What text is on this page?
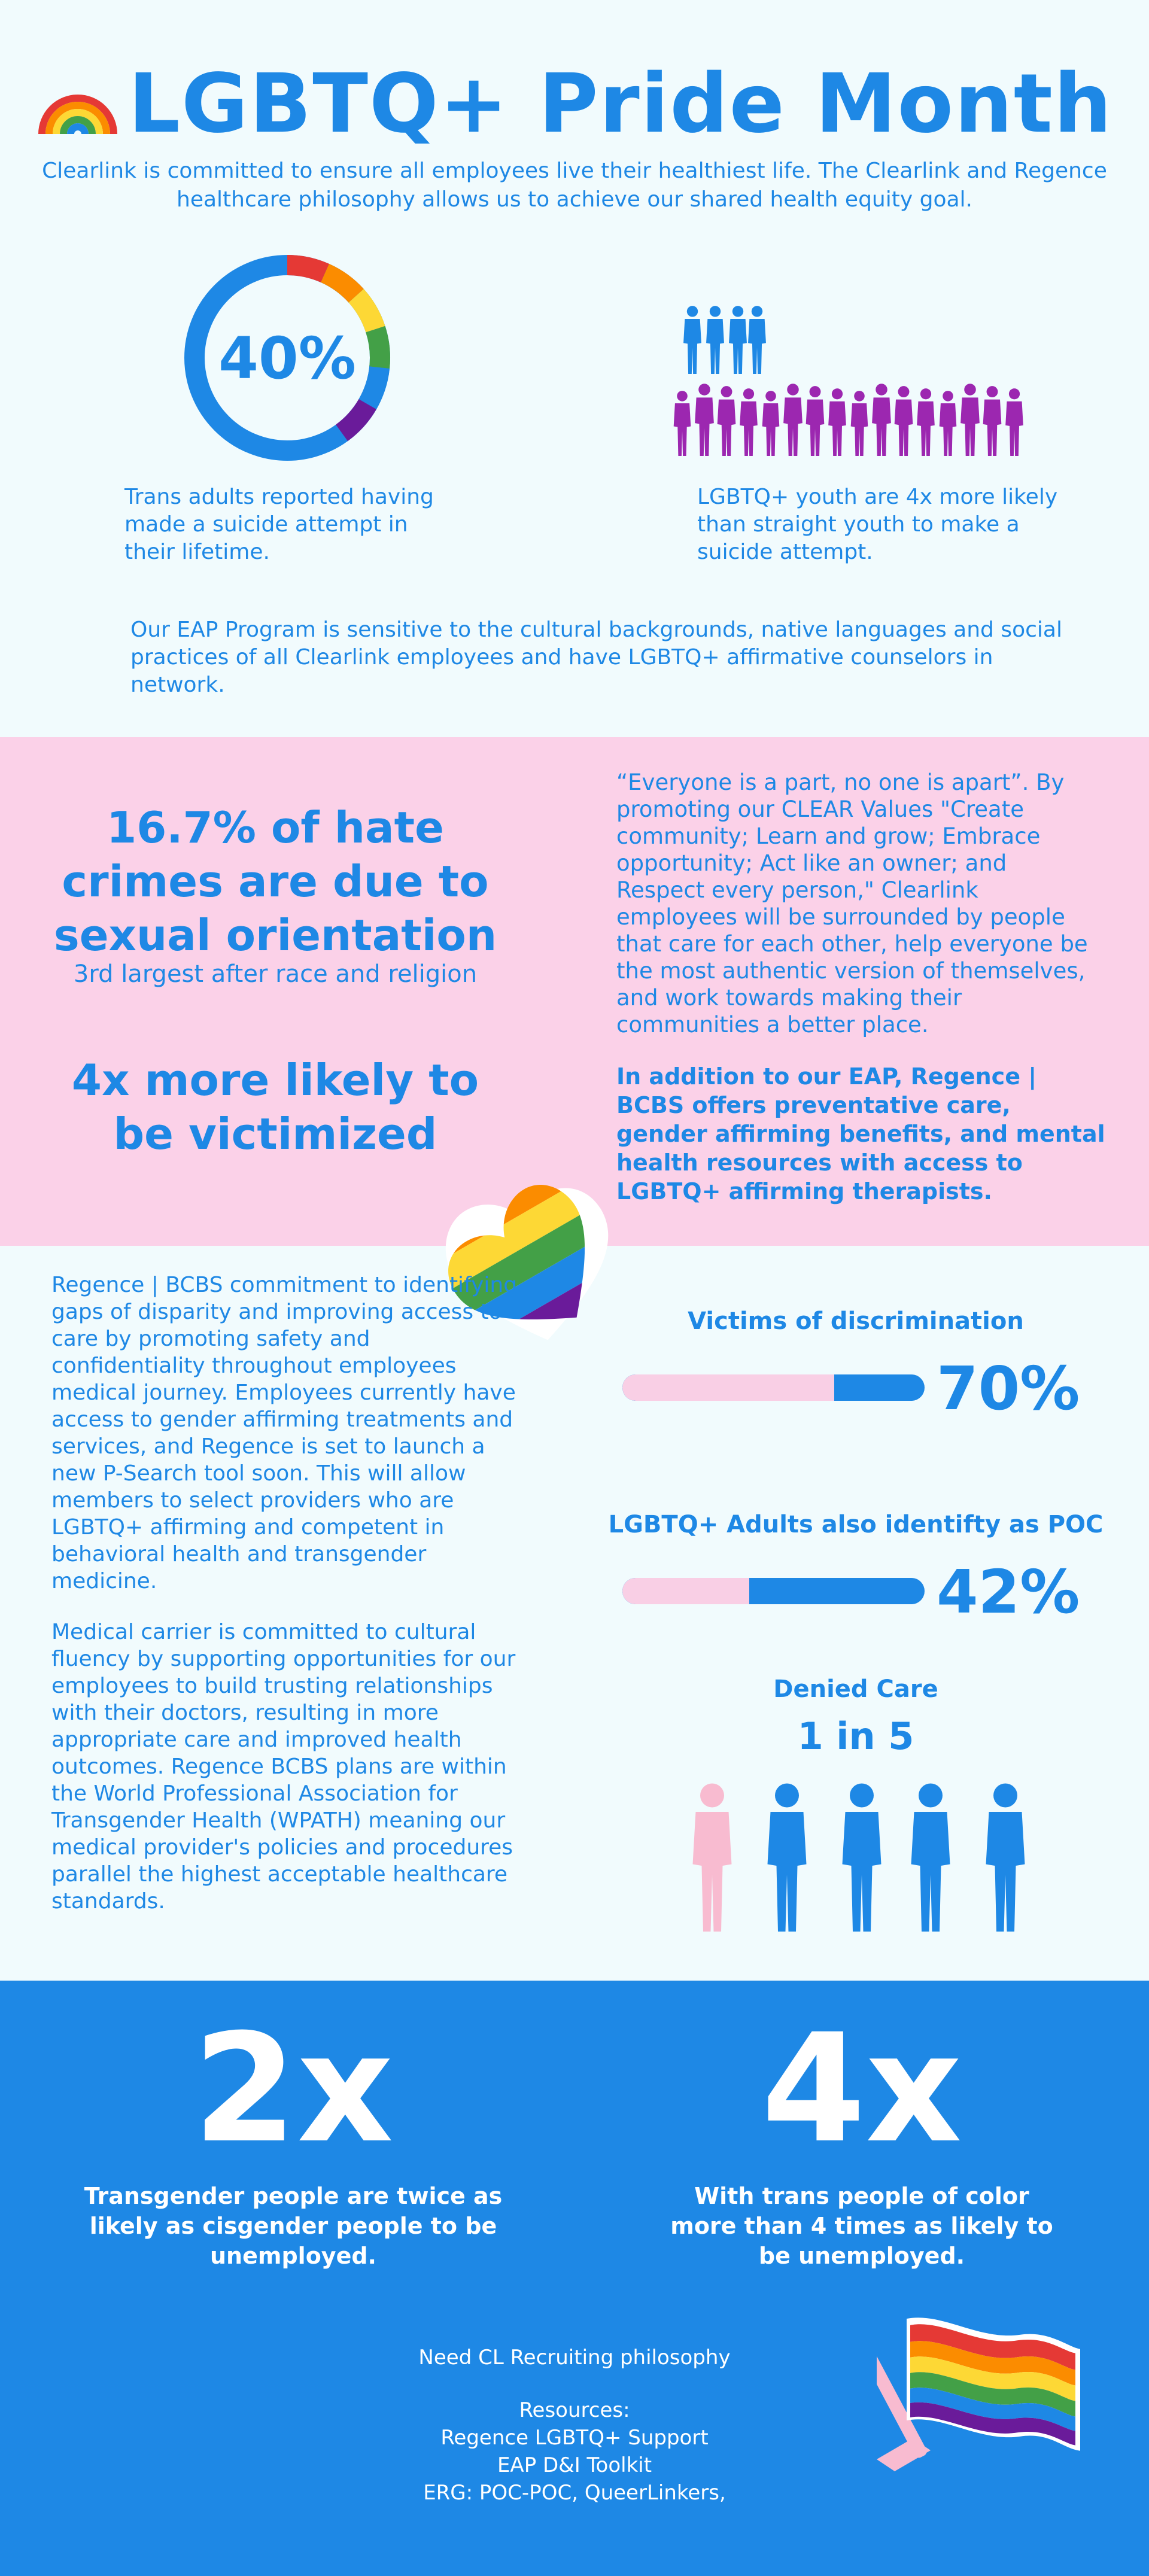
LGBTQ+ Pride Month
Clearlink is committed to ensure all employees live their healthiest life. The Clearlink and Regence healthcare philosophy allows us to achieve our shared health equity goal.
40%
Trans adults reported having made a suicide attempt in their lifetime.
LGBTQ+ youth are 4x more likely than straight youth to make a suicide attempt.
Our EAP Program is sensitive to the cultural backgrounds, native languages and social practices of all Clearlink employees and have LGBTQ+ affirmative counselors in network.
16.7% of hate crimes are due to sexual orientation
3rd largest after race and religion
4x more likely to be victimized
“Everyone is a part, no one is apart”. By promoting our CLEAR Values "Create community; Learn and grow; Embrace opportunity; Act like an owner; and Respect every person," Clearlink employees will be surrounded by people that care for each other, help everyone be the most authentic version of themselves, and work towards making their communities a better place.
In addition to our EAP, Regence | BCBS offers preventative care, gender affirming benefits, and mental health resources with access to LGBTQ+ affirming therapists.
Regence | BCBS commitment to identifying gaps of disparity and improving access to care by promoting safety and confidentiality throughout employees medical journey. Employees currently have access to gender affirming treatments and services, and Regence is set to launch a new P-Search tool soon. This will allow members to select providers who are LGBTQ+ affirming and competent in behavioral health and transgender medicine.
Medical carrier is committed to cultural fluency by supporting opportunities for our employees to build trusting relationships with their doctors, resulting in more appropriate care and improved health outcomes. Regence BCBS plans are within the World Professional Association for Transgender Health (WPATH) meaning our medical provider's policies and procedures parallel the highest acceptable healthcare standards.
Victims of discrimination
70%
LGBTQ+ Adults also identifty as POC
42%
Denied Care
1 in 5
2x
Transgender people are twice as likely as cisgender people to be unemployed.
4x
With trans people of color more than 4 times as likely to be unemployed.
Need CL Recruiting philosophy
Resources:
Regence LGBTQ+ Support
EAP D&I Toolkit
ERG: POC-POC, QueerLinkers,
